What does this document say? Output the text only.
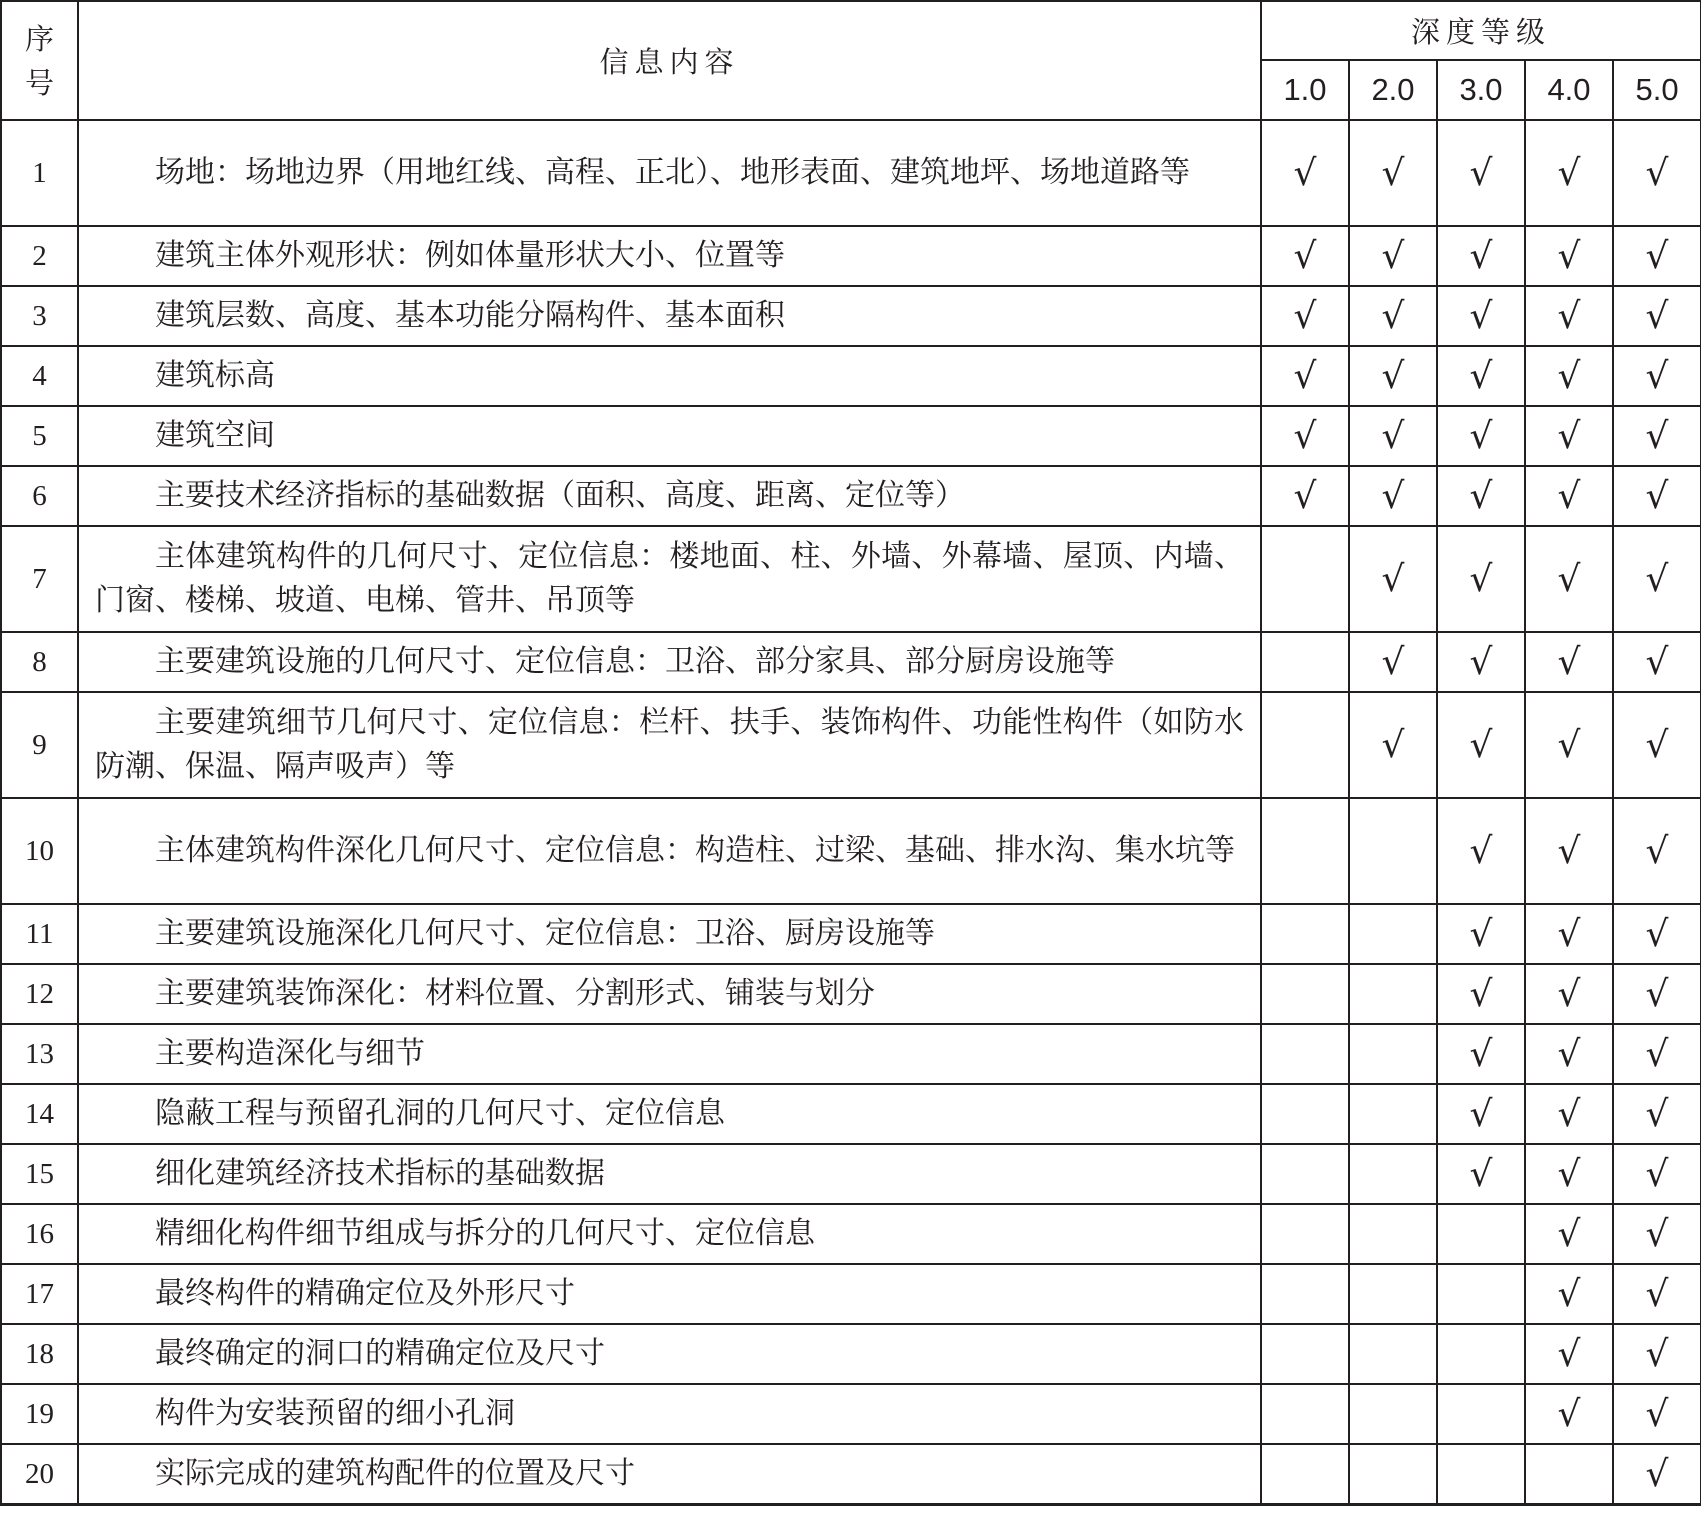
序号	信息内容	深度等级				
		1.0	2.0	3.0	4.0	5.0
1	场地：场地边界（用地红线、高程、正北）、地形表面、建筑地坪、场地道路等	√	√	√	√	√
2	建筑主体外观形状：例如体量形状大小、位置等	√	√	√	√	√
3	建筑层数、高度、基本功能分隔构件、基本面积	√	√	√	√	√
4	建筑标高	√	√	√	√	√
5	建筑空间	√	√	√	√	√
6	主要技术经济指标的基础数据（面积、高度、距离、定位等）	√	√	√	√	√
7	主体建筑构件的几何尺寸、定位信息：楼地面、柱、外墙、外幕墙、屋顶、内墙、门窗、楼梯、坡道、电梯、管井、吊顶等		√	√	√	√
8	主要建筑设施的几何尺寸、定位信息：卫浴、部分家具、部分厨房设施等		√	√	√	√
9	主要建筑细节几何尺寸、定位信息：栏杆、扶手、装饰构件、功能性构件（如防水防潮、保温、隔声吸声）等		√	√	√	√
10	主体建筑构件深化几何尺寸、定位信息：构造柱、过梁、基础、排水沟、集水坑等			√	√	√
11	主要建筑设施深化几何尺寸、定位信息：卫浴、厨房设施等			√	√	√
12	主要建筑装饰深化：材料位置、分割形式、铺装与划分			√	√	√
13	主要构造深化与细节			√	√	√
14	隐蔽工程与预留孔洞的几何尺寸、定位信息			√	√	√
15	细化建筑经济技术指标的基础数据			√	√	√
16	精细化构件细节组成与拆分的几何尺寸、定位信息				√	√
17	最终构件的精确定位及外形尺寸				√	√
18	最终确定的洞口的精确定位及尺寸				√	√
19	构件为安装预留的细小孔洞				√	√
20	实际完成的建筑构配件的位置及尺寸					√
